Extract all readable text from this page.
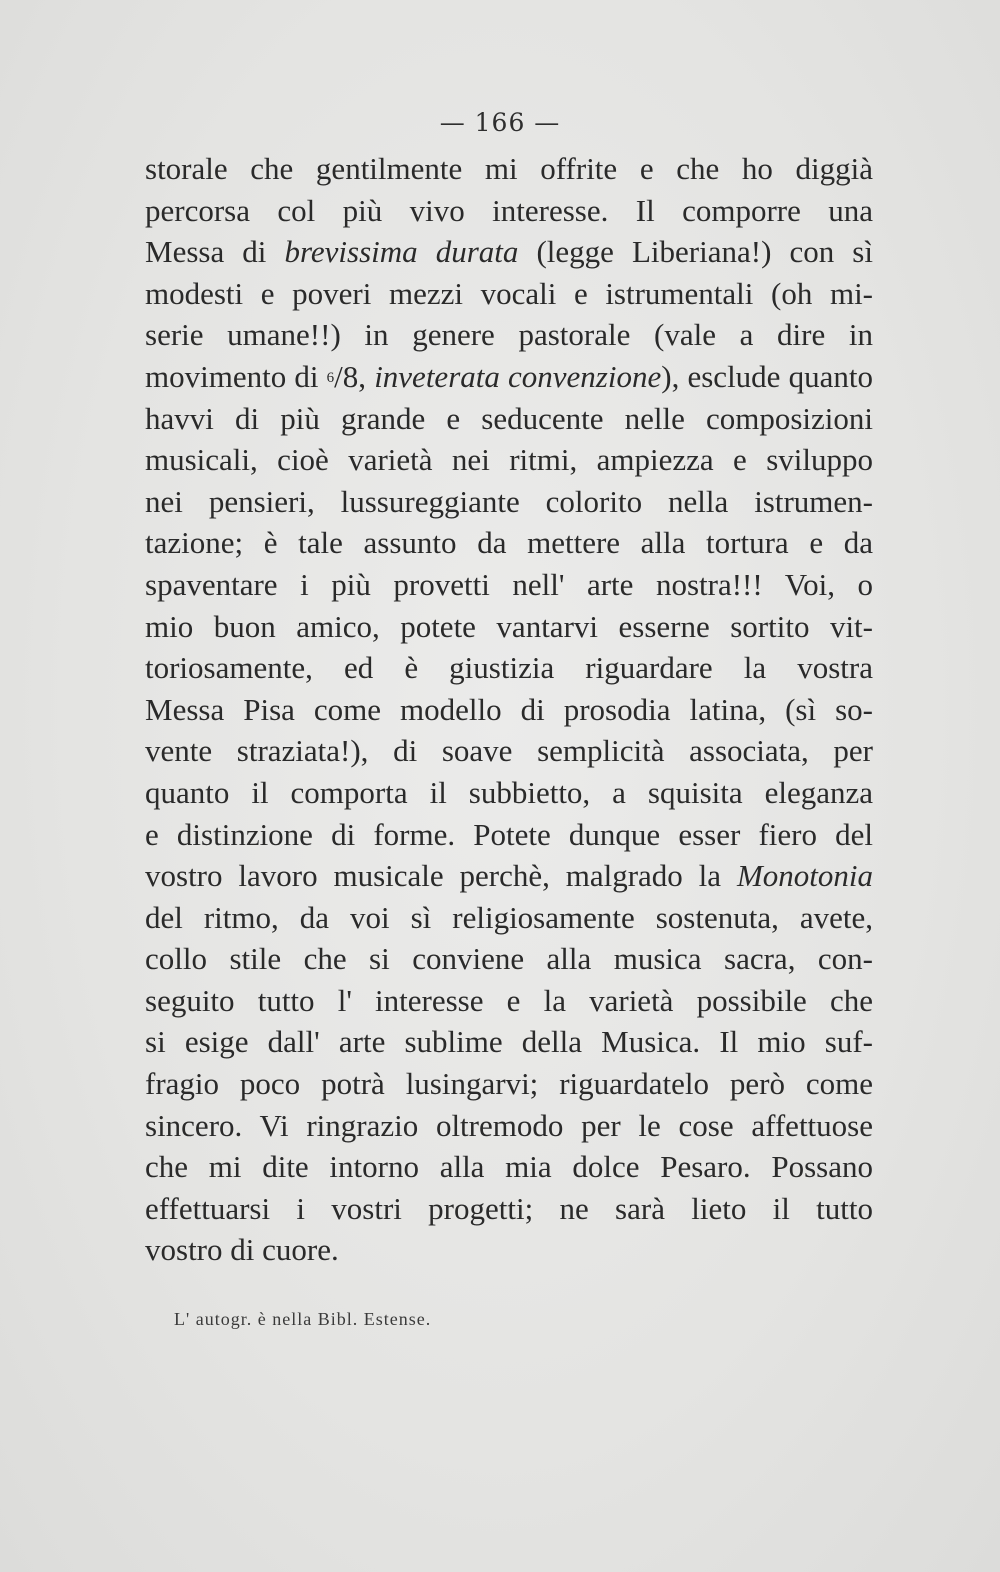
— 166 —
storale che gentilmente mi offrite e che ho diggià
percorsa col più vivo interesse. Il comporre una
Messa di brevissima durata (legge Liberiana!) con sì
modesti e poveri mezzi vocali e istrumentali (oh mi-
serie umane!!) in genere pastorale (vale a dire in
movimento di $^6$/8, inveterata convenzione), esclude quanto
havvi di più grande e seducente nelle composizioni
musicali, cioè varietà nei ritmi, ampiezza e sviluppo
nei pensieri, lussureggiante colorito nella istrumen-
tazione; è tale assunto da mettere alla tortura e da
spaventare i più provetti nell' arte nostra!!! Voi, o
mio buon amico, potete vantarvi esserne sortito vit-
toriosamente, ed è giustizia riguardare la vostra
Messa Pisa come modello di prosodia latina, (sì so-
vente straziata!), di soave semplicità associata, per
quanto il comporta il subbietto, a squisita eleganza
e distinzione di forme. Potete dunque esser fiero del
vostro lavoro musicale perchè, malgrado la Monotonia
del ritmo, da voi sì religiosamente sostenuta, avete,
collo stile che si conviene alla musica sacra, con-
seguito tutto l' interesse e la varietà possibile che
si esige dall' arte sublime della Musica. Il mio suf-
fragio poco potrà lusingarvi; riguardatelo però come
sincero. Vi ringrazio oltremodo per le cose affettuose
che mi dite intorno alla mia dolce Pesaro. Possano
effettuarsi i vostri progetti; ne sarà lieto il tutto
vostro di cuore.
L' autogr. è nella Bibl. Estense.
